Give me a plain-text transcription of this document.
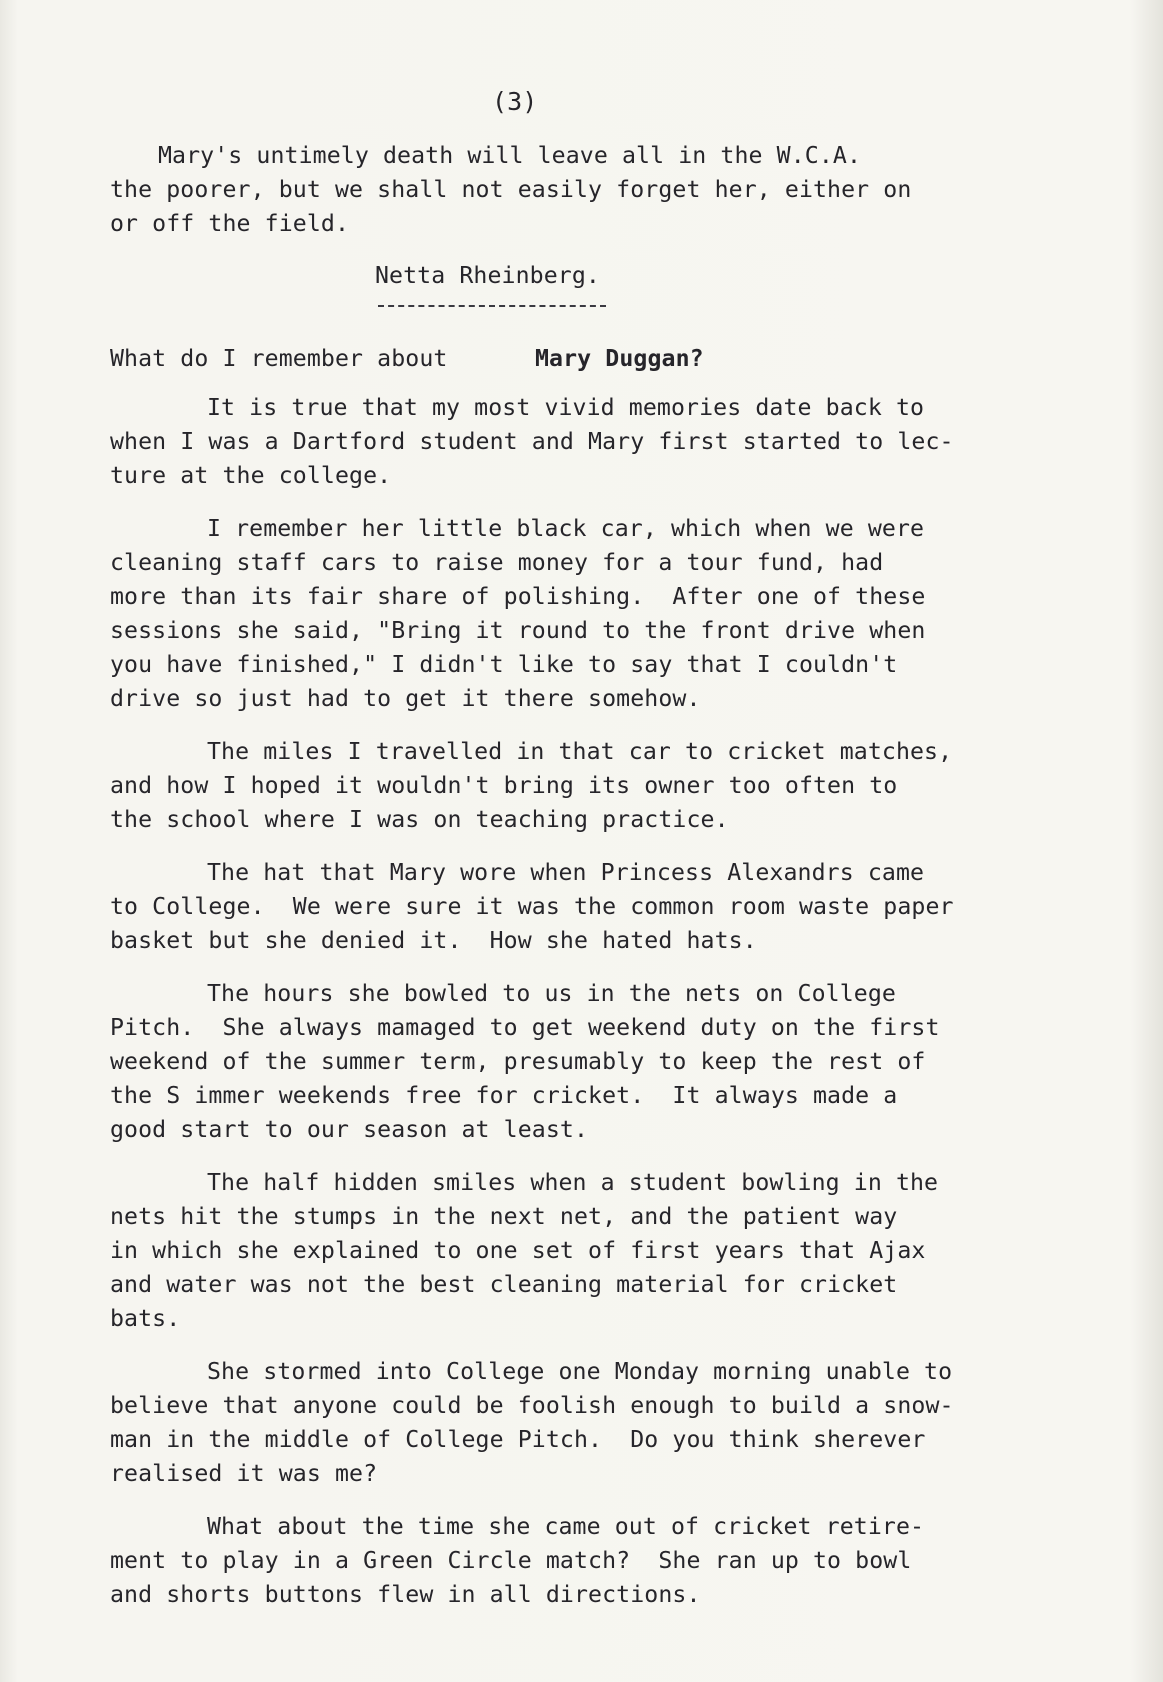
(3)
Mary's untimely death will leave all in the W.C.A.
the poorer, but we shall not easily forget her, either on
or off the field.
Netta Rheinberg.
What do I remember about	Mary Duggan?
It is true that my most vivid memories date back to
when I was a Dartford student and Mary first started to lec-
ture at the college.
I remember her little black car, which when we were
cleaning staff cars to raise money for a tour fund, had
more than its fair share of polishing.  After one of these
sessions she said, "Bring it round to the front drive when
you have finished," I didn't like to say that I couldn't
drive so just had to get it there somehow.
The miles I travelled in that car to cricket matches,
and how I hoped it wouldn't bring its owner too often to
the school where I was on teaching practice.
The hat that Mary wore when Princess Alexandrs came
to College.  We were sure it was the common room waste paper
basket but she denied it.  How she hated hats.
The hours she bowled to us in the nets on College
Pitch.  She always mamaged to get weekend duty on the first
weekend of the summer term, presumably to keep the rest of
the S immer weekends free for cricket.  It always made a
good start to our season at least.
The half hidden smiles when a student bowling in the
nets hit the stumps in the next net, and the patient way
in which she explained to one set of first years that Ajax
and water was not the best cleaning material for cricket
bats.
She stormed into College one Monday morning unable to
believe that anyone could be foolish enough to build a snow-
man in the middle of College Pitch.  Do you think sherever
realised it was me?
What about the time she came out of cricket retire-
ment to play in a Green Circle match?  She ran up to bowl
and shorts buttons flew in all directions.
